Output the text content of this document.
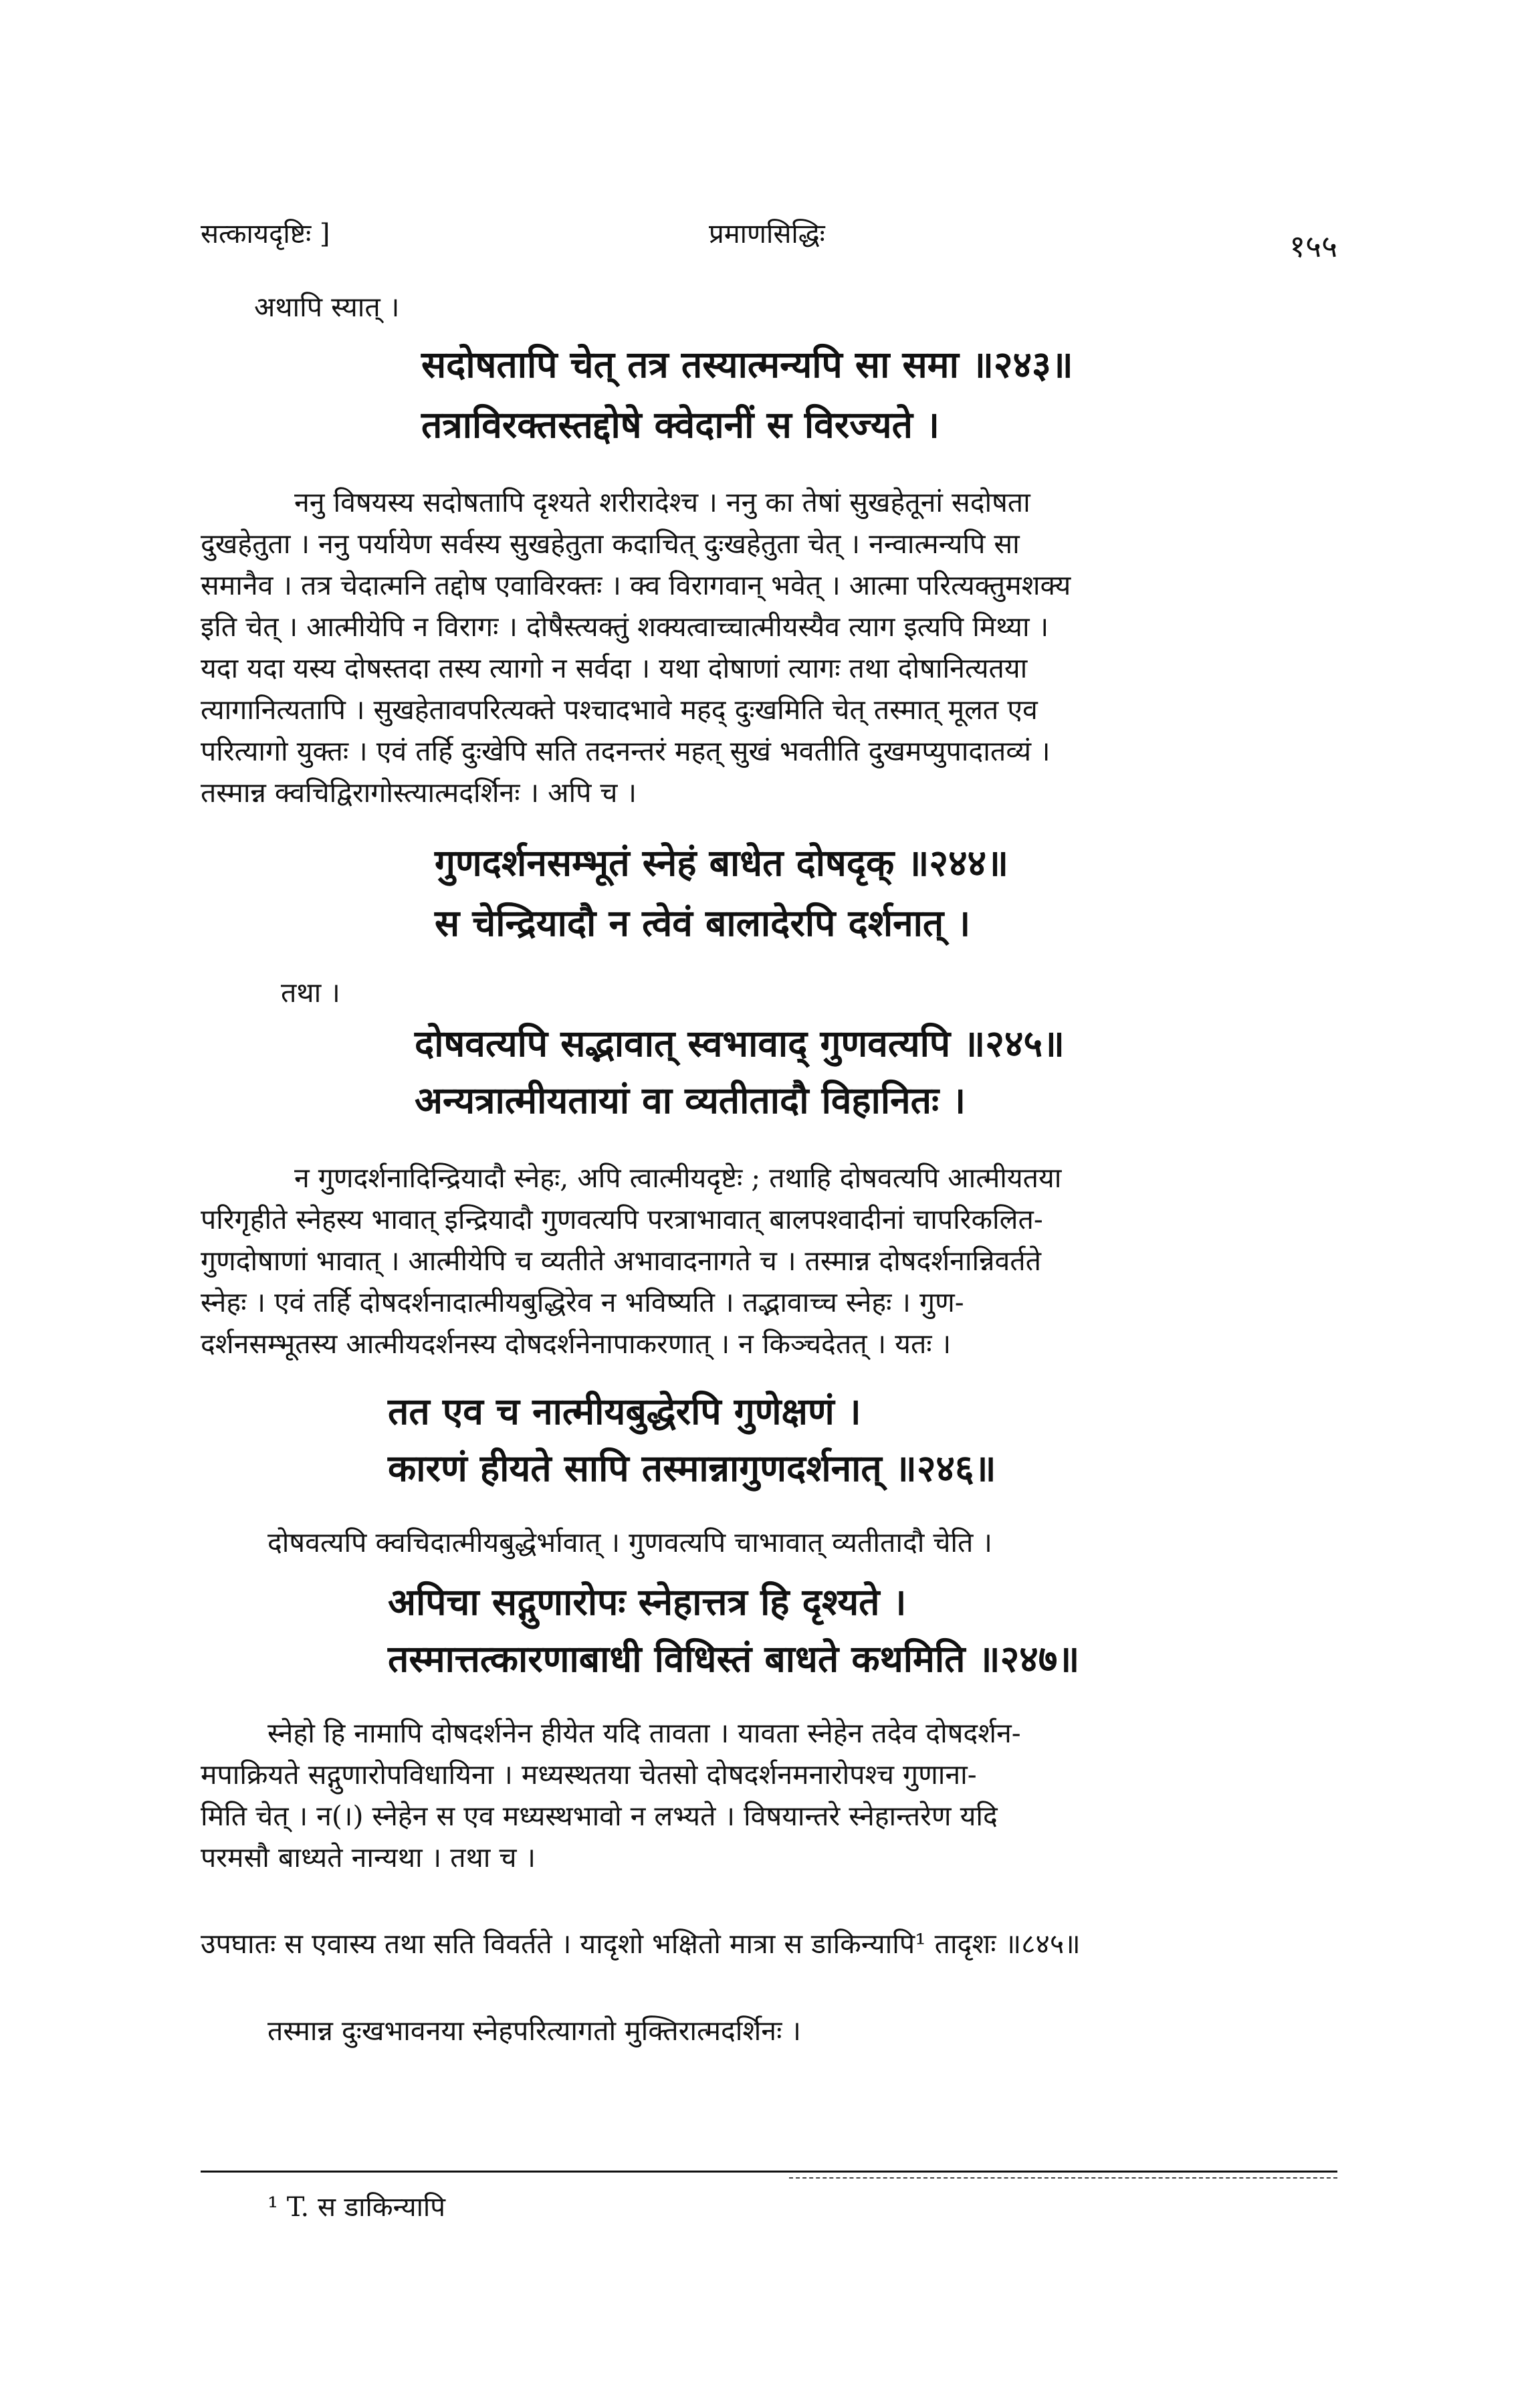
सत्कायदृष्टिः ]	प्रमाणसिद्धिः	१५५
अथापि स्यात् ।
सदोषतापि चेत् तत्र तस्यात्मन्यपि सा समा ॥२४३॥
तत्राविरक्तस्तद्दोषे क्वेदानीं स विरज्यते ।
ननु विषयस्य सदोषतापि दृश्यते शरीरादेश्च । ननु का तेषां सुखहेतूनां सदोषता
दुखहेतुता । ननु पर्यायेण सर्वस्य सुखहेतुता कदाचित् दुःखहेतुता चेत् । नन्वात्मन्यपि सा
समानैव । तत्र चेदात्मनि तद्दोष एवाविरक्तः । क्व विरागवान् भवेत् । आत्मा परित्यक्तुमशक्य
इति चेत् । आत्मीयेपि न विरागः । दोषैस्त्यक्तुं शक्यत्वाच्चात्मीयस्यैव त्याग इत्यपि मिथ्या ।
यदा यदा यस्य दोषस्तदा तस्य त्यागो न सर्वदा । यथा दोषाणां त्यागः तथा दोषानित्यतया
त्यागानित्यतापि । सुखहेतावपरित्यक्ते पश्चादभावे महद् दुःखमिति चेत् तस्मात् मूलत एव
परित्यागो युक्तः । एवं तर्हि दुःखेपि सति तदनन्तरं महत् सुखं भवतीति दुखमप्युपादातव्यं ।
तस्मान्न क्वचिद्विरागोस्त्यात्मदर्शिनः । अपि च ।
गुणदर्शनसम्भूतं स्नेहं बाधेत दोषदृक् ॥२४४॥
स चेन्द्रियादौ न त्वेवं बालादेरपि दर्शनात् ।
तथा ।
दोषवत्यपि सद्भावात् स्वभावाद् गुणवत्यपि ॥२४५॥
अन्यत्रात्मीयतायां वा व्यतीतादौ विहानितः ।
न गुणदर्शनादिन्द्रियादौ स्नेहः, अपि त्वात्मीयदृष्टेः ; तथाहि दोषवत्यपि आत्मीयतया
परिगृहीते स्नेहस्य भावात् इन्द्रियादौ गुणवत्यपि परत्राभावात् बालपश्वादीनां चापरिकलित-
गुणदोषाणां भावात् । आत्मीयेपि च व्यतीते अभावादनागते च । तस्मान्न दोषदर्शनान्निवर्तते
स्नेहः । एवं तर्हि दोषदर्शनादात्मीयबुद्धिरेव न भविष्यति । तद्भावाच्च स्नेहः । गुण-
दर्शनसम्भूतस्य आत्मीयदर्शनस्य दोषदर्शनेनापाकरणात् । न किञ्चदेतत् । यतः ।
तत एव च नात्मीयबुद्धेरपि गुणेक्षणं ।
कारणं हीयते सापि तस्मान्नागुणदर्शनात् ॥२४६॥
दोषवत्यपि क्वचिदात्मीयबुद्धेर्भावात् । गुणवत्यपि चाभावात् व्यतीतादौ चेति ।
अपिचा सद्गुणारोपः स्नेहात्तत्र हि दृश्यते ।
तस्मात्तत्कारणाबाधी विधिस्तं बाधते कथमिति ॥२४७॥
स्नेहो हि नामापि दोषदर्शनेन हीयेत यदि तावता । यावता स्नेहेन तदेव दोषदर्शन-
मपाक्रियते सद्गुणारोपविधायिना । मध्यस्थतया चेतसो दोषदर्शनमनारोपश्च गुणाना-
मिति चेत् । न(।) स्नेहेन स एव मध्यस्थभावो न लभ्यते । विषयान्तरे स्नेहान्तरेण यदि
परमसौ बाध्यते नान्यथा । तथा च ।
उपघातः स एवास्य तथा सति विवर्तते । यादृशो भक्षितो मात्रा स डाकिन्यापि¹ तादृशः ॥८४५॥
तस्मान्न दुःखभावनया स्नेहपरित्यागतो मुक्तिरात्मदर्शिनः ।
¹ T. स डाकिन्यापि
